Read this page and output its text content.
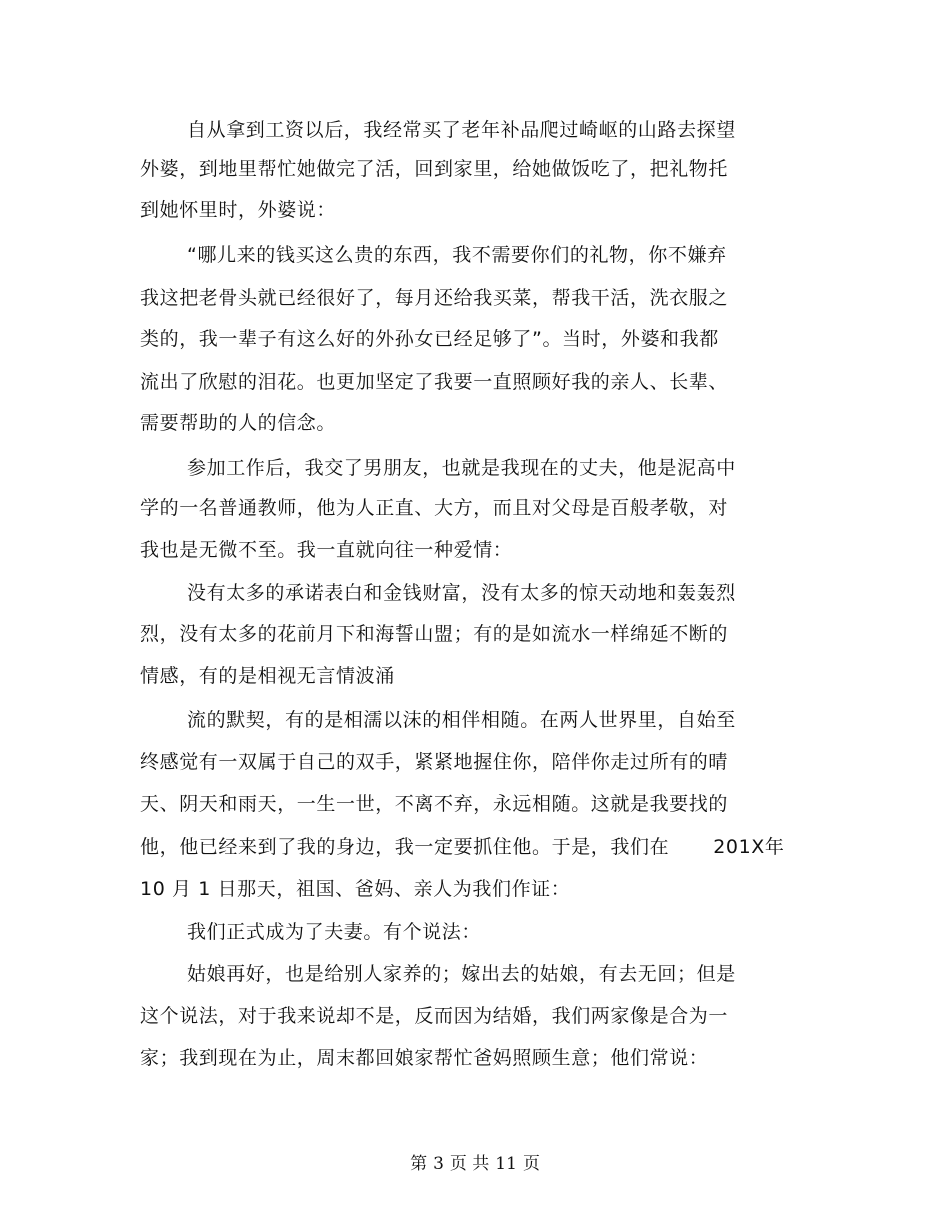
自从拿到工资以后，我经常买了老年补品爬过崎岖的山路去探望
外婆，到地里帮忙她做完了活，回到家里，给她做饭吃了，把礼物托
到她怀里时，外婆说：
“哪儿来的钱买这么贵的东西，我不需要你们的礼物，你不嫌弃
我这把老骨头就已经很好了，每月还给我买菜，帮我干活，洗衣服之
类的，我一辈子有这么好的外孙女已经足够了”。当时，外婆和我都
流出了欣慰的泪花。也更加坚定了我要一直照顾好我的亲人、长辈、
需要帮助的人的信念。
参加工作后，我交了男朋友，也就是我现在的丈夫，他是泥高中
学的一名普通教师，他为人正直、大方，而且对父母是百般孝敬，对
我也是无微不至。我一直就向往一种爱情：
没有太多的承诺表白和金钱财富，没有太多的惊天动地和轰轰烈
烈，没有太多的花前月下和海誓山盟；有的是如流水一样绵延不断的
情感，有的是相视无言情波涌
流的默契，有的是相濡以沫的相伴相随。在两人世界里，自始至
终感觉有一双属于自己的双手，紧紧地握住你，陪伴你走过所有的晴
天、阴天和雨天，一生一世，不离不弃，永远相随。这就是我要找的
他，他已经来到了我的身边，我一定要抓住他。于是，我们在 201X年
10 月 1 日那天，祖国、爸妈、亲人为我们作证：
我们正式成为了夫妻。有个说法：
姑娘再好，也是给别人家养的；嫁出去的姑娘，有去无回；但是
这个说法，对于我来说却不是，反而因为结婚，我们两家像是合为一
家；我到现在为止，周末都回娘家帮忙爸妈照顾生意；他们常说：
第 3 页 共 11 页
